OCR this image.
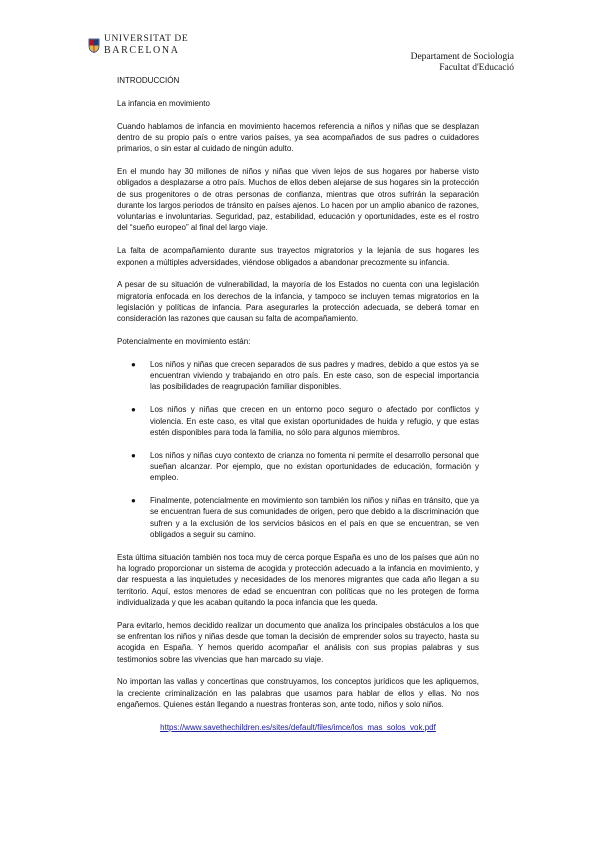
UNIVERSITAT DE
BARCELONA
Departament de Sociologia
Facultat d'Educació

INTRODUCCIÓN

La infancia en movimiento

Cuando hablamos de infancia en movimiento hacemos referencia a niños y niñas que se desplazan dentro de su propio país o entre varios países, ya sea acompañados de sus padres o cuidadores primarios, o sin estar al cuidado de ningún adulto.

En el mundo hay 30 millones de niños y niñas que viven lejos de sus hogares por haberse visto obligados a desplazarse a otro país. Muchos de ellos deben alejarse de sus hogares sin la protección de sus progenitores o de otras personas de confianza, mientras que otros sufrirán la separación durante los largos periodos de tránsito en países ajenos. Lo hacen por un amplio abanico de razones, voluntarias e involuntarias. Seguridad, paz, estabilidad, educación y oportunidades, este es el rostro del “sueño europeo” al final del largo viaje.

La falta de acompañamiento durante sus trayectos migratorios y la lejanía de sus hogares les exponen a múltiples adversidades, viéndose obligados a abandonar precozmente su infancia.

A pesar de su situación de vulnerabilidad, la mayoría de los Estados no cuenta con una legislación migratoria enfocada en los derechos de la infancia, y tampoco se incluyen temas migratorios en la legislación y políticas de infancia. Para asegurarles la protección adecuada, se deberá tomar en consideración las razones que causan su falta de acompañamiento.

Potencialmente en movimiento están:

● Los niños y niñas que crecen separados de sus padres y madres, debido a que estos ya se encuentran viviendo y trabajando en otro país. En este caso, son de especial importancia las posibilidades de reagrupación familiar disponibles.
● Los niños y niñas que crecen en un entorno poco seguro o afectado por conflictos y violencia. En este caso, es vital que existan oportunidades de huida y refugio, y que estas estén disponibles para toda la familia, no sólo para algunos miembros.
● Los niños y niñas cuyo contexto de crianza no fomenta ni permite el desarrollo personal que sueñan alcanzar. Por ejemplo, que no existan oportunidades de educación, formación y empleo.
● Finalmente, potencialmente en movimiento son también los niños y niñas en tránsito, que ya se encuentran fuera de sus comunidades de origen, pero que debido a la discriminación que sufren y a la exclusión de los servicios básicos en el país en que se encuentran, se ven obligados a seguir su camino.

Esta última situación también nos toca muy de cerca porque España es uno de los países que aún no ha logrado proporcionar un sistema de acogida y protección adecuado a la infancia en movimiento, y dar respuesta a las inquietudes y necesidades de los menores migrantes que cada año llegan a su territorio. Aquí, estos menores de edad se encuentran con políticas que no les protegen de forma individualizada y que les acaban quitando la poca infancia que les queda.

Para evitarlo, hemos decidido realizar un documento que analiza los principales obstáculos a los que se enfrentan los niños y niñas desde que toman la decisión de emprender solos su trayecto, hasta su acogida en España. Y hemos querido acompañar el análisis con sus propias palabras y sus testimonios sobre las vivencias que han marcado su viaje.

No importan las vallas y concertinas que construyamos, los conceptos jurídicos que les apliquemos, la creciente criminalización en las palabras que usamos para hablar de ellos y ellas. No nos engañemos. Quienes están llegando a nuestras fronteras son, ante todo, niños y solo niños.

https://www.savethechildren.es/sites/default/files/imce/los_mas_solos_vok.pdf
